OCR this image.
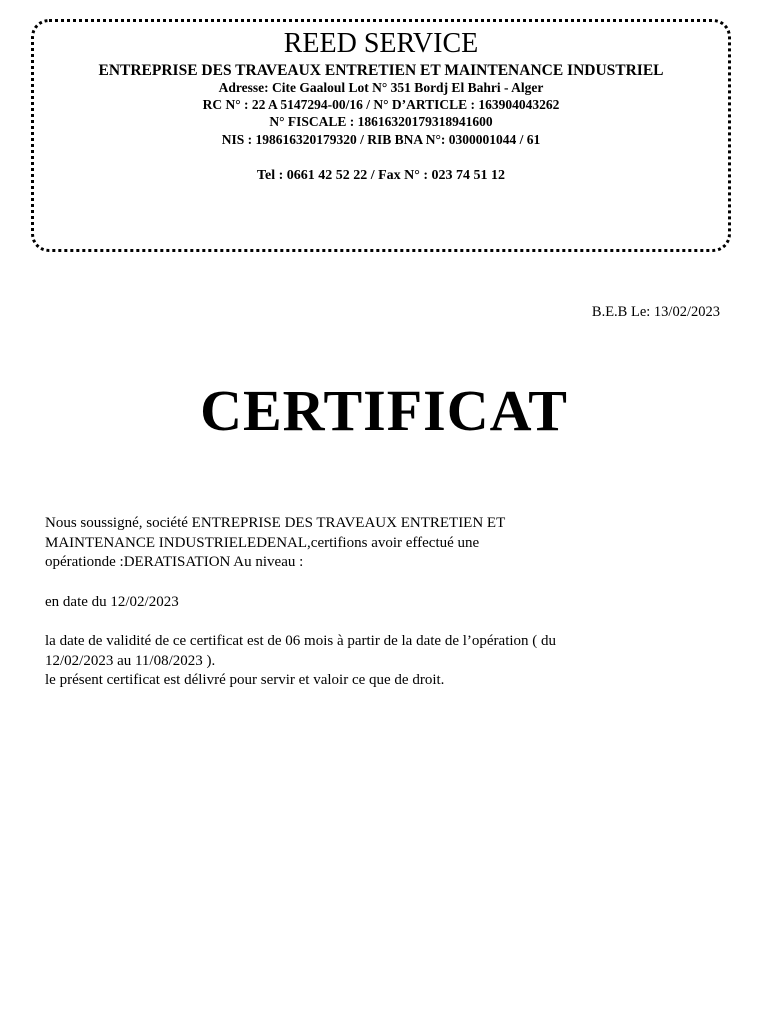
REED SERVICE
ENTREPRISE DES TRAVEAUX ENTRETIEN ET MAINTENANCE INDUSTRIEL
Adresse: Cite Gaaloul Lot N° 351 Bordj El Bahri - Alger
RC N° : 22 A 5147294-00/16 / N° D’ARTICLE : 163904043262
N° FISCALE : 186163201793189416​00
NIS : 198616320179320 / RIB BNA N°: 0300001044 / 61
Tel : 0661 42 52 22 / Fax N° : 023 74 51 12
B.E.B Le: 13/02/2023
CERTIFICAT

Nous soussigné, société ENTREPRISE DES TRAVEAUX ENTRETIEN ET

MAINTENANCE INDUSTRIELEDENAL,certifions avoir effectué une

opérationde :DERATISATION Au niveau :

en date du 12/02/2023

la date de validité de ce certificat est de 06 mois à partir de la date de l’opération ( du

12/02/2023 au 11/08/2023 ).

le présent certificat est délivré pour servir et valoir ce que de droit.
